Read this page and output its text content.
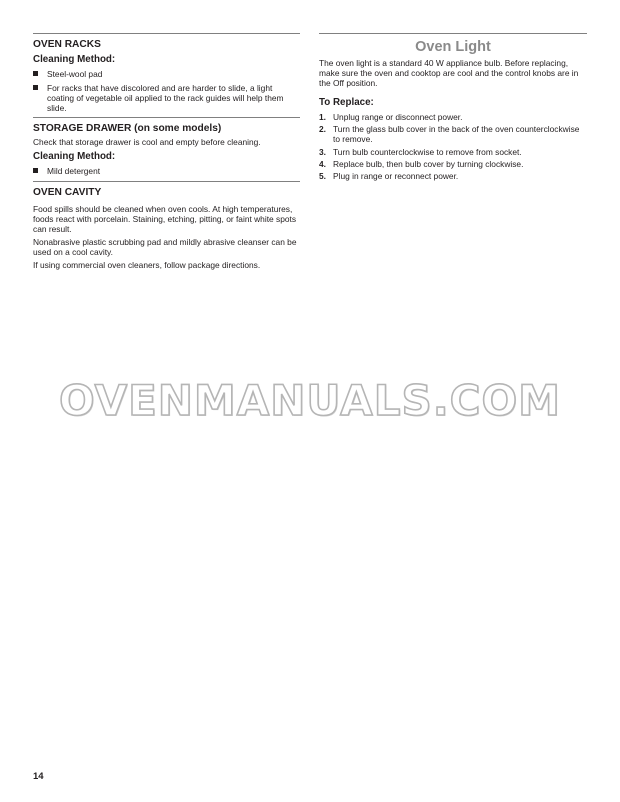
OVEN RACKS
Cleaning Method:
Steel-wool pad
For racks that have discolored and are harder to slide, a light coating of vegetable oil applied to the rack guides will help them slide.
STORAGE DRAWER (on some models)

Check that storage drawer is cool and empty before cleaning.

Cleaning Method:
Mild detergent
OVEN CAVITY

Food spills should be cleaned when oven cools. At high temperatures, foods react with porcelain. Staining, etching, pitting, or faint white spots can result.

Nonabrasive plastic scrubbing pad and mildly abrasive cleanser can be used on a cool cavity.

If using commercial oven cleaners, follow package directions.

Oven Light

The oven light is a standard 40 W appliance bulb. Before replacing, make sure the oven and cooktop are cool and the control knobs are in the Off position.

To Replace:
1. Unplug range or disconnect power.
2. Turn the glass bulb cover in the back of the oven counterclockwise to remove.
3. Turn bulb counterclockwise to remove from socket.
4. Replace bulb, then bulb cover by turning clockwise.
5. Plug in range or reconnect power.
OVENMANUALS.COM
14
